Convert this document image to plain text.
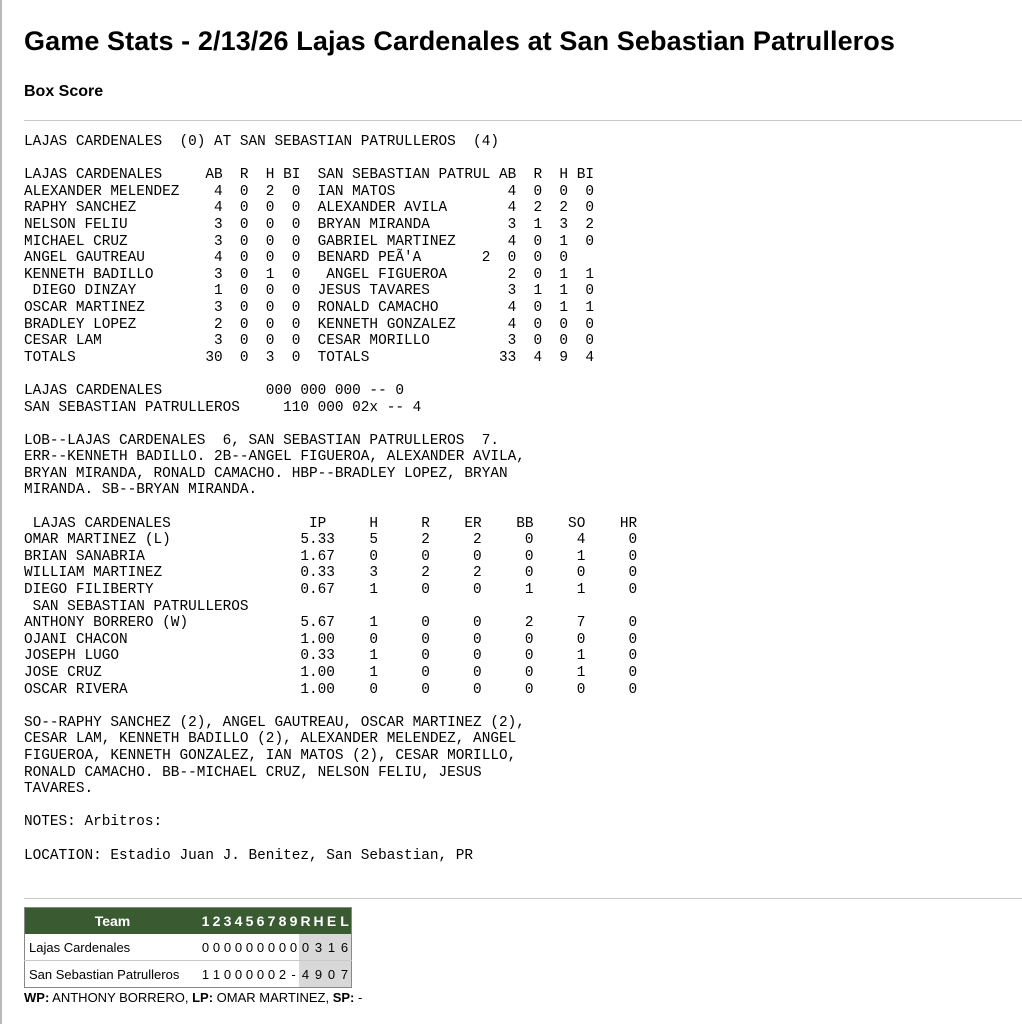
Game Stats - 2/13/26 Lajas Cardenales at San Sebastian Patrulleros
Box Score
LAJAS CARDENALES  (0) AT SAN SEBASTIAN PATRULLEROS  (4)

LAJAS CARDENALES     AB  R  H BI  SAN SEBASTIAN PATRUL AB  R  H BI
ALEXANDER MELENDEZ    4  0  2  0  IAN MATOS             4  0  0  0
RAPHY SANCHEZ         4  0  0  0  ALEXANDER AVILA       4  2  2  0
NELSON FELIU          3  0  0  0  BRYAN MIRANDA         3  1  3  2
MICHAEL CRUZ          3  0  0  0  GABRIEL MARTINEZ      4  0  1  0
ANGEL GAUTREAU        4  0  0  0  BENARD PEÃ'A       2  0  0  0
KENNETH BADILLO       3  0  1  0   ANGEL FIGUEROA       2  0  1  1
DIEGO DINZAY         1  0  0  0  JESUS TAVARES         3  1  1  0
OSCAR MARTINEZ        3  0  0  0  RONALD CAMACHO        4  0  1  1
BRADLEY LOPEZ         2  0  0  0  KENNETH GONZALEZ      4  0  0  0
CESAR LAM             3  0  0  0  CESAR MORILLO         3  0  0  0
TOTALS               30  0  3  0  TOTALS               33  4  9  4

LAJAS CARDENALES            000 000 000 -- 0
SAN SEBASTIAN PATRULLEROS     110 000 02x -- 4

LOB--LAJAS CARDENALES  6, SAN SEBASTIAN PATRULLEROS  7.
ERR--KENNETH BADILLO. 2B--ANGEL FIGUEROA, ALEXANDER AVILA,
BRYAN MIRANDA, RONALD CAMACHO. HBP--BRADLEY LOPEZ, BRYAN
MIRANDA. SB--BRYAN MIRANDA.

LAJAS CARDENALES                IP     H     R    ER    BB    SO    HR
OMAR MARTINEZ (L)               5.33    5     2     2     0     4     0
BRIAN SANABRIA                  1.67    0     0     0     0     1     0
WILLIAM MARTINEZ                0.33    3     2     2     0     0     0
DIEGO FILIBERTY                 0.67    1     0     0     1     1     0
SAN SEBASTIAN PATRULLEROS
ANTHONY BORRERO (W)             5.67    1     0     0     2     7     0
OJANI CHACON                    1.00    0     0     0     0     0     0
JOSEPH LUGO                     0.33    1     0     0     0     1     0
JOSE CRUZ                       1.00    1     0     0     0     1     0
OSCAR RIVERA                    1.00    0     0     0     0     0     0

SO--RAPHY SANCHEZ (2), ANGEL GAUTREAU, OSCAR MARTINEZ (2),
CESAR LAM, KENNETH BADILLO (2), ALEXANDER MELENDEZ, ANGEL
FIGUEROA, KENNETH GONZALEZ, IAN MATOS (2), CESAR MORILLO,
RONALD CAMACHO. BB--MICHAEL CRUZ, NELSON FELIU, JESUS
TAVARES.

NOTES: Arbitros:

LOCATION: Estadio Juan J. Benitez, San Sebastian, PR
Team	1	2	3	4	5	6	7	8	9	R	H	E	L
Lajas Cardenales	0	0	0	0	0	0	0	0	0	0	3	1	6
San Sebastian Patrulleros	1	1	0	0	0	0	0	2	-	4	9	0	7
WP: ANTHONY BORRERO, LP: OMAR MARTINEZ, SP: -
